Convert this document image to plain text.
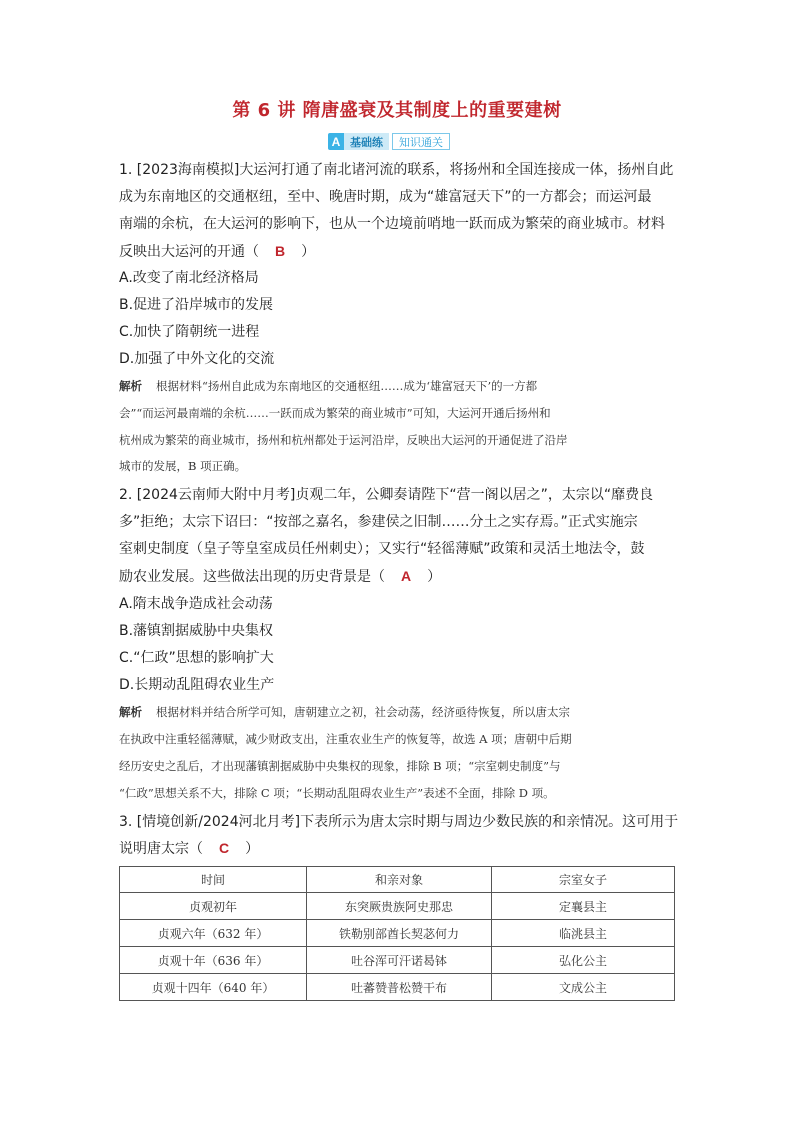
第 6 讲 隋唐盛衰及其制度上的重要建树
A 基础练	知识通关
1. [2023海南模拟]大运河打通了南北诸河流的联系，将扬州和全国连接成一体，扬州自此
成为东南地区的交通枢纽，至中、晚唐时期，成为“雄富冠天下”的一方都会；而运河最
南端的余杭，在大运河的影响下，也从一个边境前哨地一跃而成为繁荣的商业城市。材料
反映出大运河的开通（ B ）
A.改变了南北经济格局
B.促进了沿岸城市的发展
C.加快了隋朝统一进程
D.加强了中外文化的交流
解析 根据材料“扬州自此成为东南地区的交通枢纽……成为‘雄富冠天下’的一方都
会”“而运河最南端的余杭……一跃而成为繁荣的商业城市”可知，大运河开通后扬州和
杭州成为繁荣的商业城市，扬州和杭州都处于运河沿岸，反映出大运河的开通促进了沿岸
城市的发展，B 项正确。
2. [2024云南师大附中月考]贞观二年，公卿奏请陛下“营一阁以居之”，太宗以“靡费良
多”拒绝；太宗下诏曰：“按部之嘉名，参建侯之旧制……分土之实存焉。”正式实施宗
室刺史制度（皇子等皇室成员任州刺史）；又实行“轻徭薄赋”政策和灵活土地法令，鼓
励农业发展。这些做法出现的历史背景是（ A ）
A.隋末战争造成社会动荡
B.藩镇割据威胁中央集权
C.“仁政”思想的影响扩大
D.长期动乱阻碍农业生产
解析 根据材料并结合所学可知，唐朝建立之初，社会动荡，经济亟待恢复，所以唐太宗
在执政中注重轻徭薄赋，减少财政支出，注重农业生产的恢复等，故选 A 项；唐朝中后期
经历安史之乱后，才出现藩镇割据威胁中央集权的现象，排除 B 项；“宗室刺史制度”与
“仁政”思想关系不大，排除 C 项；“长期动乱阻碍农业生产”表述不全面，排除 D 项。
3. [情境创新/2024河北月考]下表所示为唐太宗时期与周边少数民族的和亲情况。这可用于
说明唐太宗（ C ）
时间	和亲对象	宗室女子
贞观初年	东突厥贵族阿史那忠	定襄县主
贞观六年（632 年）	铁勒别部酋长契苾何力	临洮县主
贞观十年（636 年）	吐谷浑可汗诺曷钵	弘化公主
贞观十四年（640 年）	吐蕃赞普松赞干布	文成公主
